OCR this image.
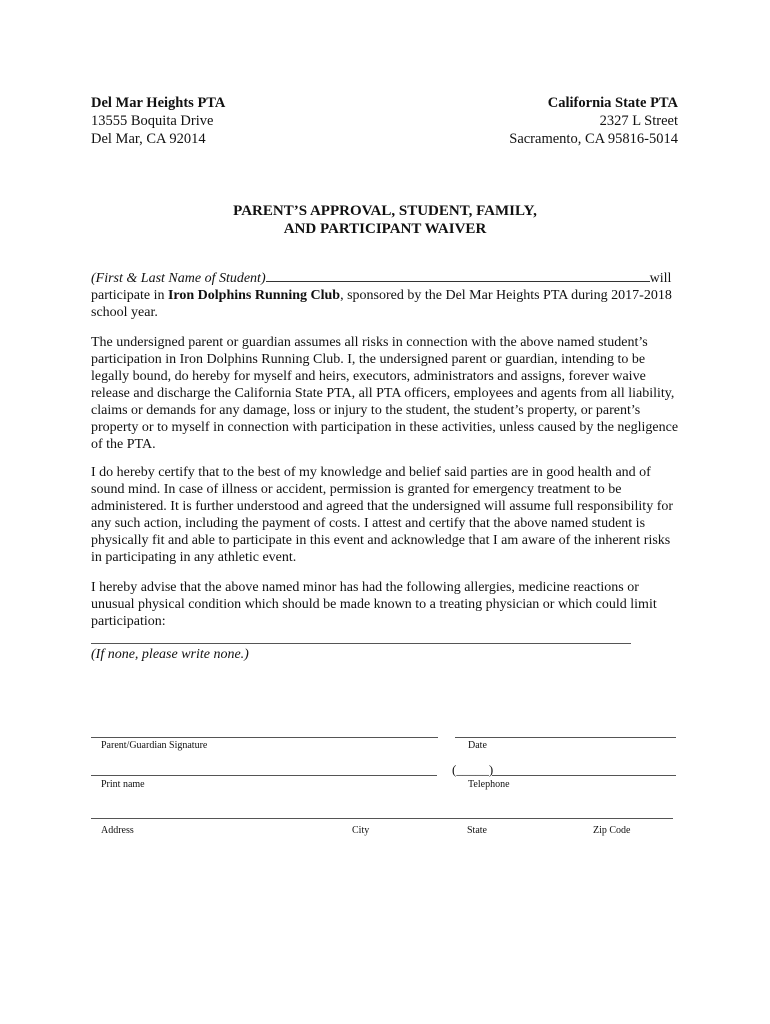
Del Mar Heights PTA
13555 Boquita Drive
Del Mar, CA 92014
California State PTA
2327 L Street
Sacramento, CA 95816-5014
PARENT’S APPROVAL, STUDENT, FAMILY,
AND PARTICIPANT WAIVER

(First & Last Name of Student)	will participate in Iron Dolphins Running Club, sponsored by the Del Mar Heights PTA during 2017-2018 school year.

The undersigned parent or guardian assumes all risks in connection with the above named student’s participation in Iron Dolphins Running Club. I, the undersigned parent or guardian, intending to be legally bound, do hereby for myself and heirs, executors, administrators and assigns, forever waive release and discharge the California State PTA, all PTA officers, employees and agents from all liability, claims or demands for any damage, loss or injury to the student, the student’s property, or parent’s property or to myself in connection with participation in these activities, unless caused by the negligence of the PTA.

I do hereby certify that to the best of my knowledge and belief said parties are in good health and of sound mind. In case of illness or accident, permission is granted for emergency treatment to be administered. It is further understood and agreed that the undersigned will assume full responsibility for any such action, including the payment of costs. I attest and certify that the above named student is physically fit and able to participate in this event and acknowledge that I am aware of the inherent risks in participating in any athletic event.

I hereby advise that the above named minor has had the following allergies, medicine reactions or unusual physical condition which should be made known to a treating physician or which could limit participation:

(If none, please write none.)
Parent/Guardian Signature	Date
(_____)
Print name	Telephone
Address	City	State	Zip Code
